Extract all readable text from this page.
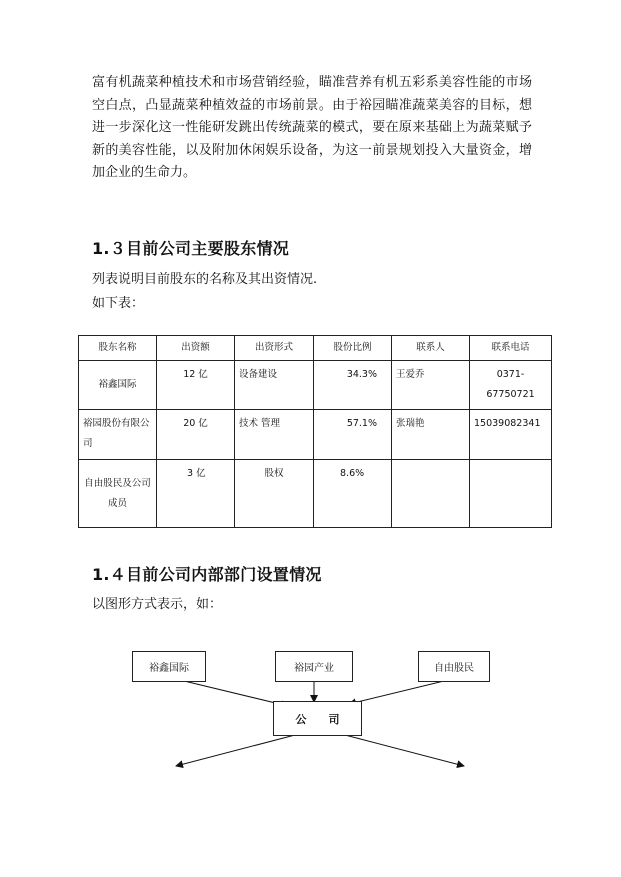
富有机蔬菜种植技术和市场营销经验，瞄准营养有机五彩系美容性能的市场空白点，凸显蔬菜种植效益的市场前景。由于裕园瞄准蔬菜美容的目标，想进一步深化这一性能研发跳出传统蔬菜的模式，要在原来基础上为蔬菜赋予新的美容性能，以及附加休闲娱乐设备，为这一前景规划投入大量资金，增加企业的生命力。
1.３目前公司主要股东情况
列表说明目前股东的名称及其出资情况.
如下表：
股东名称	出资额	出资形式	股份比例	联系人	联系电话
裕鑫国际	12 亿	设备建设	34.3%	王爱乔	0371-67750721
裕园股份有限公司	20 亿	技术 管理	57.1%	张瑞艳	15039082341
自由股民及公司成员	3 亿	股权	8.6%		
1.４目前公司内部部门设置情况
以图形方式表示，如：
裕鑫国际	裕园产业	自由股民
公　　司
